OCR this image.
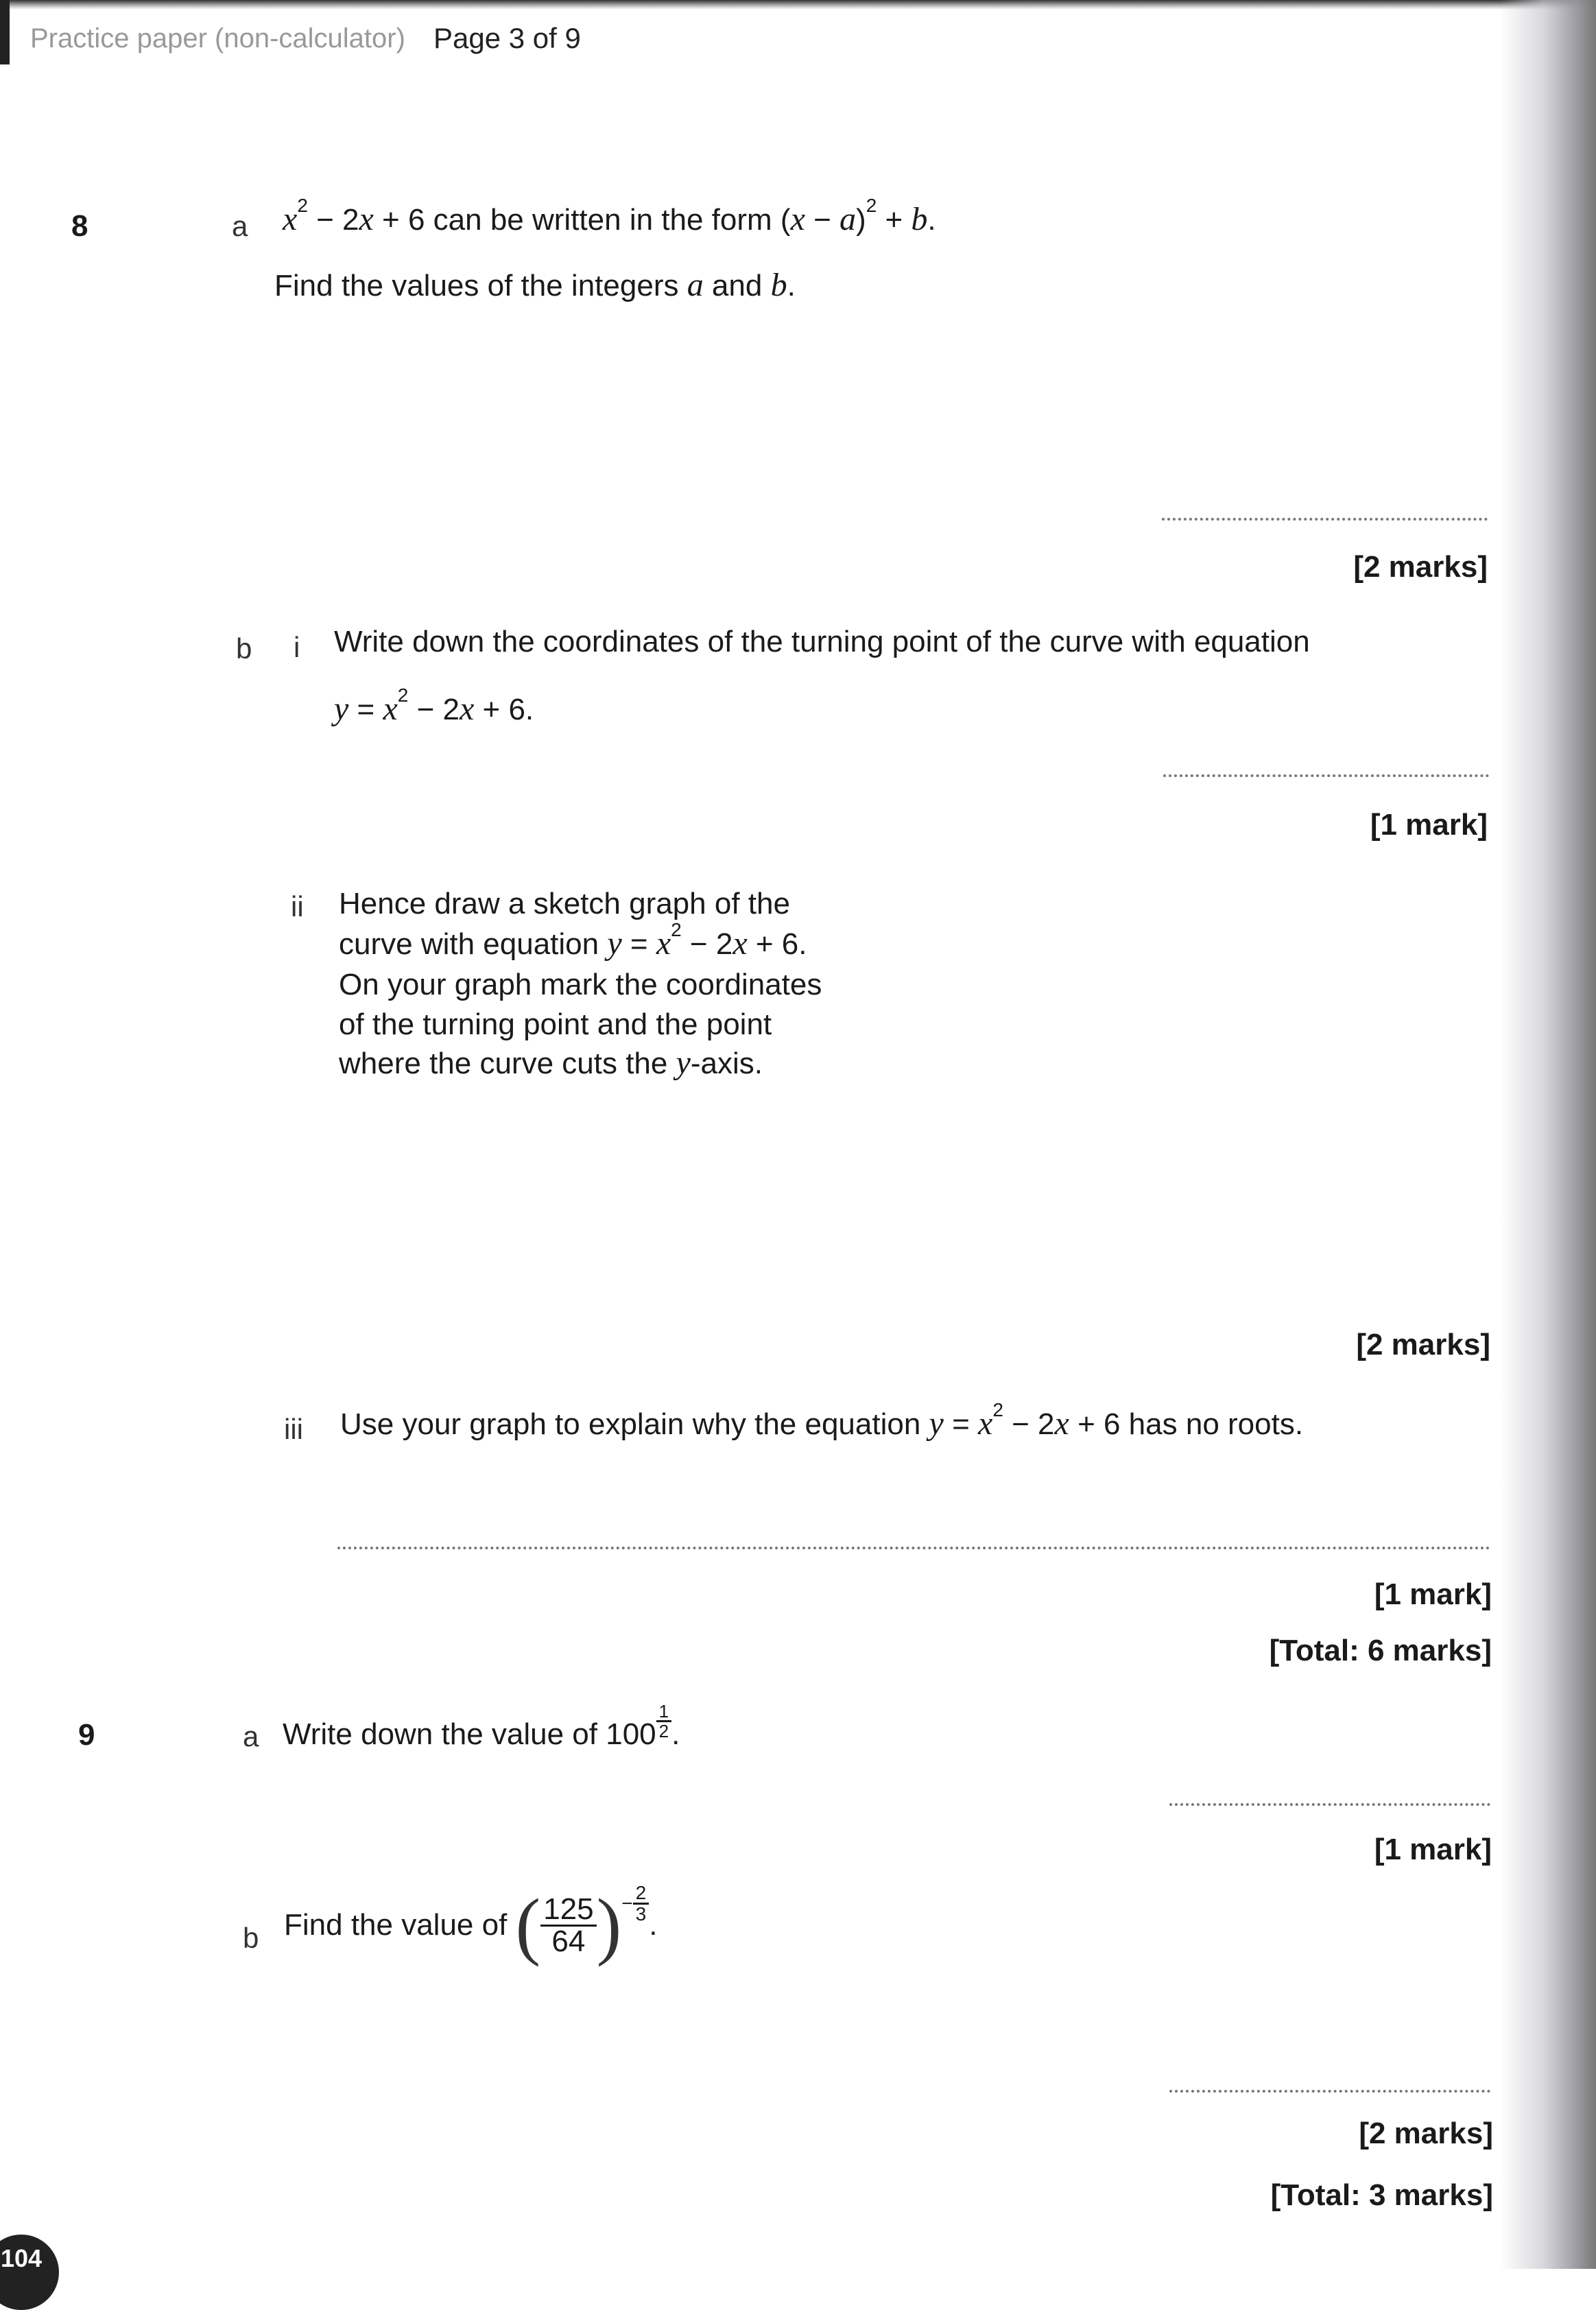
Practice paper (non-calculator) Page 3 of 9
8	a $x^2 - 2x + 6$ can be written in the form $(x - a)^2 + b$.
Find the values of the integers a and b.
[2 marks]
b i Write down the coordinates of the turning point of the curve with equation
$y = x^2 - 2x + 6$.
[1 mark]
ii Hence draw a sketch graph of the
curve with equation $y = x^2 - 2x + 6$.
On your graph mark the coordinates
of the turning point and the point
where the curve cuts the y-axis.
[2 marks]
iii Use your graph to explain why the equation $y = x^2 - 2x + 6$ has no roots.
[1 mark]
[Total: 6 marks]
9	a Write down the value of $100 \frac{1}{2}$ .
[1 mark]
b Find the value of ( $\frac{125}{64}$ )− $\frac{2}{3}$
.
[2 marks]
[Total: 3 marks]
104
